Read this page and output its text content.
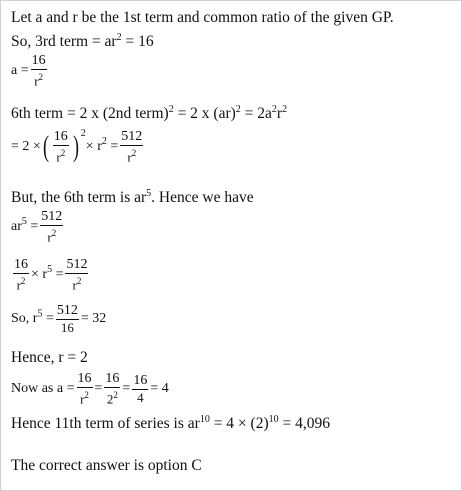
Let a and r be the 1st term and common ratio of the given GP.
So, 3rd term = $ar^2 = 16$
$a = \frac{16}{r^2}$
6th term = 2 x (2nd term)$^2$ = 2 x $(ar)^2 = 2a^2r^2$
= 2 ×( $\frac{16}{r^2}$ ) $^2\times r^2 = \frac{512}{r^2}$
But, the 6th term is $ar^5$. Hence we have
$ar^5 = \frac{512}{r^2}$
$\frac{16}{r^2} \times r^5 = \frac{512}{r^2}$
So, $r^5 = \frac{512}{16} = 32$
Hence, r = 2
Now as $a = \frac{16}{r^2} = \frac{16}{2^2} = \frac{16}{4} = 4$
Hence 11th term of series is $ar^{10} = 4 \times (2)^{10} = 4,096$
The correct answer is option C
